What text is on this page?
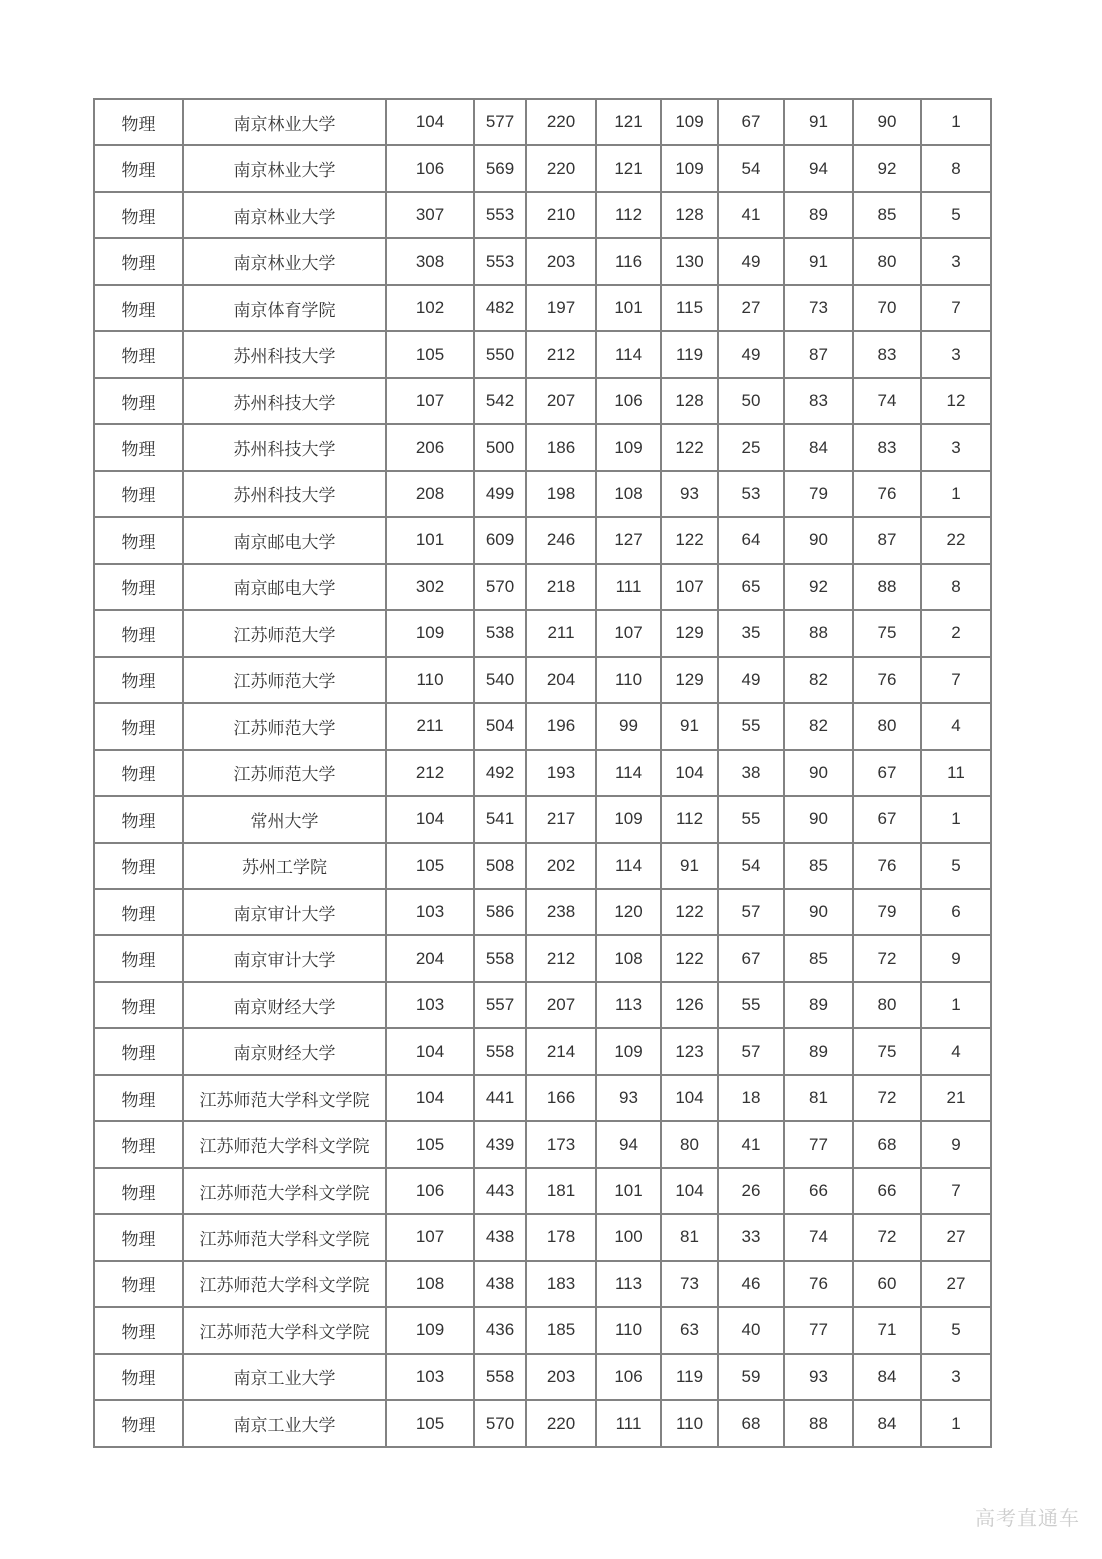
物理	南京林业大学	104	577	220	121	109	67	91	90	1
物理	南京林业大学	106	569	220	121	109	54	94	92	8
物理	南京林业大学	307	553	210	112	128	41	89	85	5
物理	南京林业大学	308	553	203	116	130	49	91	80	3
物理	南京体育学院	102	482	197	101	115	27	73	70	7
物理	苏州科技大学	105	550	212	114	119	49	87	83	3
物理	苏州科技大学	107	542	207	106	128	50	83	74	12
物理	苏州科技大学	206	500	186	109	122	25	84	83	3
物理	苏州科技大学	208	499	198	108	93	53	79	76	1
物理	南京邮电大学	101	609	246	127	122	64	90	87	22
物理	南京邮电大学	302	570	218	111	107	65	92	88	8
物理	江苏师范大学	109	538	211	107	129	35	88	75	2
物理	江苏师范大学	110	540	204	110	129	49	82	76	7
物理	江苏师范大学	211	504	196	99	91	55	82	80	4
物理	江苏师范大学	212	492	193	114	104	38	90	67	11
物理	常州大学	104	541	217	109	112	55	90	67	1
物理	苏州工学院	105	508	202	114	91	54	85	76	5
物理	南京审计大学	103	586	238	120	122	57	90	79	6
物理	南京审计大学	204	558	212	108	122	67	85	72	9
物理	南京财经大学	103	557	207	113	126	55	89	80	1
物理	南京财经大学	104	558	214	109	123	57	89	75	4
物理	江苏师范大学科文学院	104	441	166	93	104	18	81	72	21
物理	江苏师范大学科文学院	105	439	173	94	80	41	77	68	9
物理	江苏师范大学科文学院	106	443	181	101	104	26	66	66	7
物理	江苏师范大学科文学院	107	438	178	100	81	33	74	72	27
物理	江苏师范大学科文学院	108	438	183	113	73	46	76	60	27
物理	江苏师范大学科文学院	109	436	185	110	63	40	77	71	5
物理	南京工业大学	103	558	203	106	119	59	93	84	3
物理	南京工业大学	105	570	220	111	110	68	88	84	1
高考直通车
